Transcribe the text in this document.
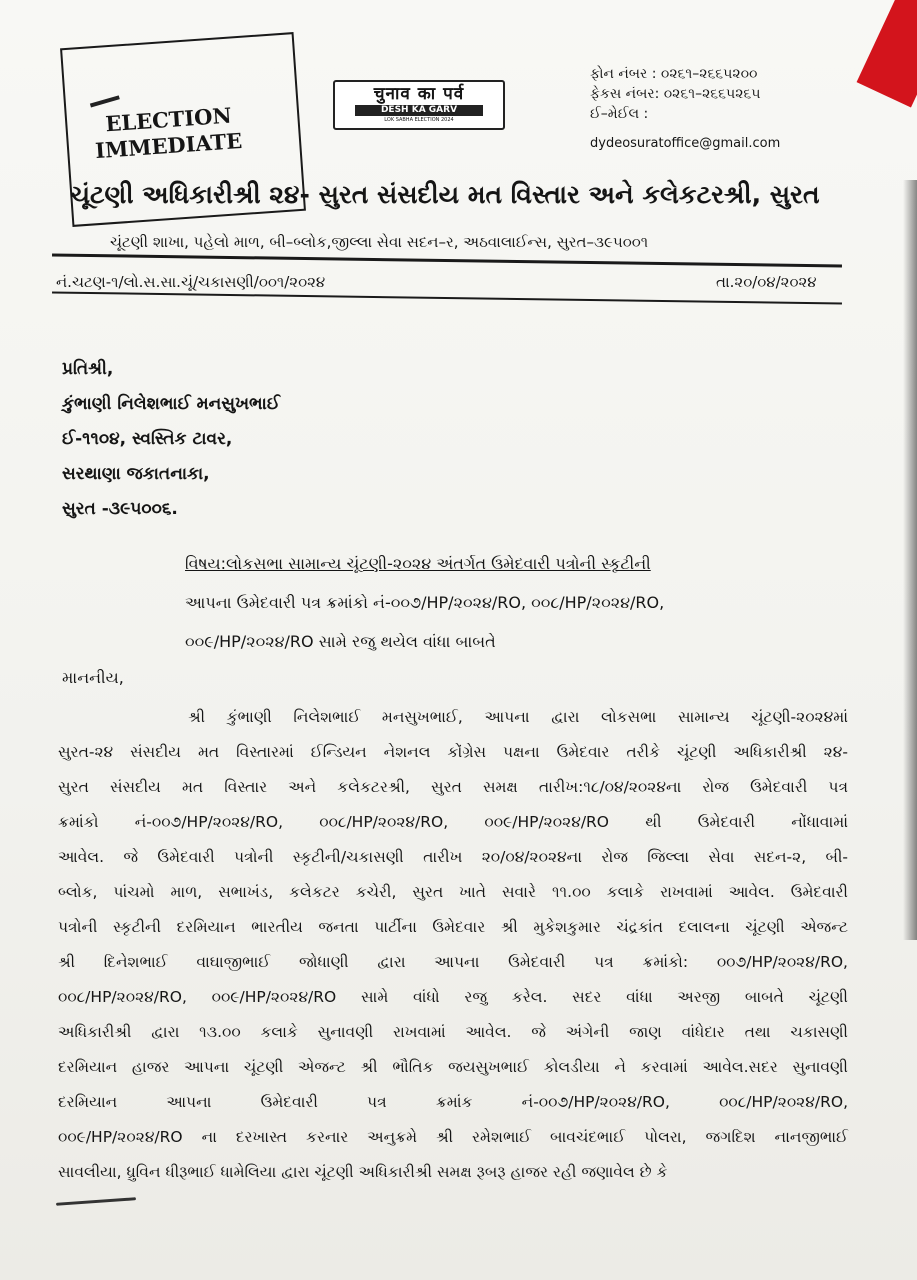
ELECTION
IMMEDIATE
चुनाव का पर्व
DESH KA GARV
LOK SABHA ELECTION 2024
ફોન નંબર : ૦૨૬૧–૨૬૬૫૨૦૦
ફેકસ નંબર: ૦૨૬૧–૨૬૬૫૨૬૫
ઈ–મેઈલ :
dydeosuratoffice@gmail.com
ચૂંટણી અધિકારીશ્રી ૨૪- સુરત સંસદીય મત વિસ્તાર અને કલેકટરશ્રી, સુરત
ચૂંટણી શાખા, પહેલો માળ, બી–બ્લોક,જીલ્લા સેવા સદન–ર, અઠવાલાઈન્સ, સુરત–૩૯૫૦૦૧
નં.ચટણ-૧/લો.સ.સા.ચૂં/ચકાસણી/૦૦૧/૨૦૨૪	તા.૨૦/૦૪/૨૦૨૪
પ્રતિશ્રી,
કુંભાણી નિલેશભાઈ મનસુખભાઈ
ઈ-૧૧૦૪, સ્વસ્તિક ટાવર,
સરથાણા જકાતનાકા,
સુરત -૩૯૫૦૦૬.
વિષય:લોકસભા સામાન્ય ચૂંટણી-૨૦૨૪ અંતર્ગત ઉમેદવારી પત્રોની સ્કૃટીની
આપના ઉમેદવારી પત્ર ક્રમાંકો નં-૦૦૭/HP/૨૦૨૪/RO, ૦૦૮/HP/૨૦૨૪/RO,
૦૦૯/HP/૨૦૨૪/RO સામે રજુ થયેલ વાંધા બાબતે
માનનીય,
શ્રી કુંભાણી નિલેશભાઈ મનસુખભાઈ, આપના દ્વારા લોકસભા સામાન્ય ચૂંટણી-૨૦૨૪માં
સુરત-૨૪ સંસદીય મત વિસ્તારમાં ઈન્ડિયન નેશનલ કોંગ્રેસ પક્ષના ઉમેદવાર તરીકે ચૂંટણી અધિકારીશ્રી ૨૪-
સુરત સંસદીય મત વિસ્તાર અને કલેકટરશ્રી, સુરત સમક્ષ તારીખ:૧૮/૦૪/૨૦૨૪ના રોજ ઉમેદવારી પત્ર
ક્રમાંકો નં-૦૦૭/HP/૨૦૨૪/RO, ૦૦૮/HP/૨૦૨૪/RO, ૦૦૯/HP/૨૦૨૪/RO થી ઉમેદવારી નોંધાવામાં
આવેલ. જે ઉમેદવારી પત્રોની સ્કૃટીની/ચકાસણી તારીખ ૨૦/૦૪/૨૦૨૪ના રોજ જિલ્લા સેવા સદન-૨, બી-
બ્લોક, પાંચમો માળ, સભાખંડ, કલેકટર કચેરી, સુરત ખાતે સવારે ૧૧.૦૦ કલાકે રાખવામાં આવેલ. ઉમેદવારી
પત્રોની સ્કૃટીની દરમિયાન ભારતીય જનતા પાર્ટીના ઉમેદવાર શ્રી મુકેશકુમાર ચંદ્રકાંત દલાલના ચૂંટણી એજન્ટ
શ્રી દિનેશભાઈ વાઘાજીભાઈ જોધાણી દ્વારા આપના ઉમેદવારી પત્ર ક્રમાંકો: ૦૦૭/HP/૨૦૨૪/RO,
૦૦૮/HP/૨૦૨૪/RO, ૦૦૯/HP/૨૦૨૪/RO સામે વાંધો રજુ કરેલ. સદર વાંધા અરજી બાબતે ચૂંટણી
અધિકારીશ્રી દ્વારા ૧૩.૦૦ કલાકે સુનાવણી રાખવામાં આવેલ. જે અંગેની જાણ વાંધેદાર તથા ચકાસણી
દરમિયાન હાજર આપના ચૂંટણી એજન્ટ શ્રી ભૌતિક જયસુખભાઈ કોલડીયા ને કરવામાં આવેલ.સદર સુનાવણી
દરમિયાન આપના ઉમેદવારી પત્ર ક્રમાંક નં-૦૦૭/HP/૨૦૨૪/RO, ૦૦૮/HP/૨૦૨૪/RO,
૦૦૯/HP/૨૦૨૪/RO ના દરખાસ્ત કરનાર અનુક્રમે શ્રી રમેશભાઈ બાવચંદભાઈ પોલરા, જગદિશ નાનજીભાઈ
સાવલીયા, ધ્રુવિન ધીરૂભાઈ ધામેલિયા દ્વારા ચૂંટણી અધિકારીશ્રી સમક્ષ રૂબરૂ હાજર રહી જણાવેલ છે કે
